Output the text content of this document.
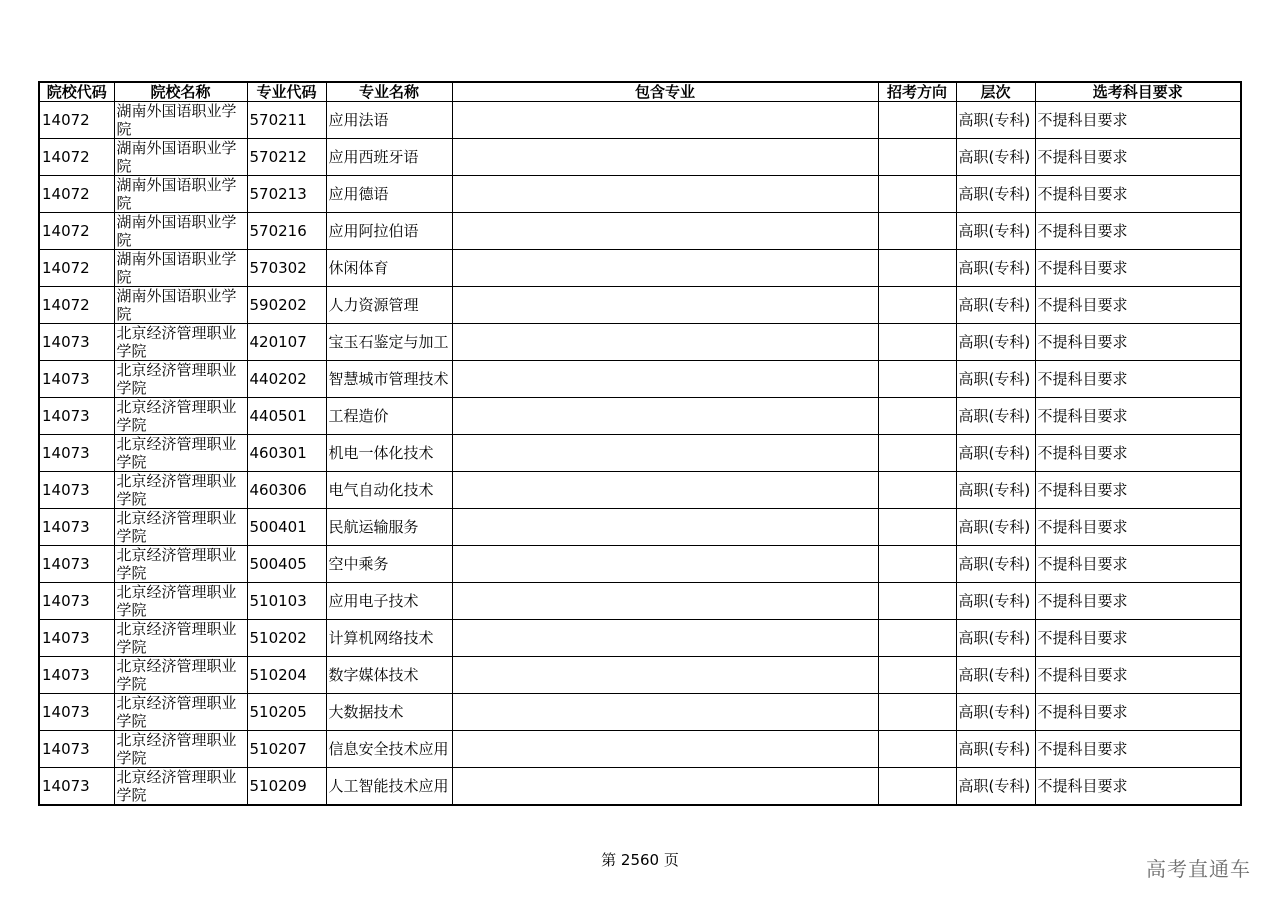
院校代码	院校名称	专业代码	专业名称	包含专业	招考方向	层次	选考科目要求
14072	湖南外国语职业学院	570211	应用法语			高职(专科)	不提科目要求
14072	湖南外国语职业学院	570212	应用西班牙语			高职(专科)	不提科目要求
14072	湖南外国语职业学院	570213	应用德语			高职(专科)	不提科目要求
14072	湖南外国语职业学院	570216	应用阿拉伯语			高职(专科)	不提科目要求
14072	湖南外国语职业学院	570302	休闲体育			高职(专科)	不提科目要求
14072	湖南外国语职业学院	590202	人力资源管理			高职(专科)	不提科目要求
14073	北京经济管理职业学院	420107	宝玉石鉴定与加工			高职(专科)	不提科目要求
14073	北京经济管理职业学院	440202	智慧城市管理技术			高职(专科)	不提科目要求
14073	北京经济管理职业学院	440501	工程造价			高职(专科)	不提科目要求
14073	北京经济管理职业学院	460301	机电一体化技术			高职(专科)	不提科目要求
14073	北京经济管理职业学院	460306	电气自动化技术			高职(专科)	不提科目要求
14073	北京经济管理职业学院	500401	民航运输服务			高职(专科)	不提科目要求
14073	北京经济管理职业学院	500405	空中乘务			高职(专科)	不提科目要求
14073	北京经济管理职业学院	510103	应用电子技术			高职(专科)	不提科目要求
14073	北京经济管理职业学院	510202	计算机网络技术			高职(专科)	不提科目要求
14073	北京经济管理职业学院	510204	数字媒体技术			高职(专科)	不提科目要求
14073	北京经济管理职业学院	510205	大数据技术			高职(专科)	不提科目要求
14073	北京经济管理职业学院	510207	信息安全技术应用			高职(专科)	不提科目要求
14073	北京经济管理职业学院	510209	人工智能技术应用			高职(专科)	不提科目要求
第 2560 页	高考直通车
